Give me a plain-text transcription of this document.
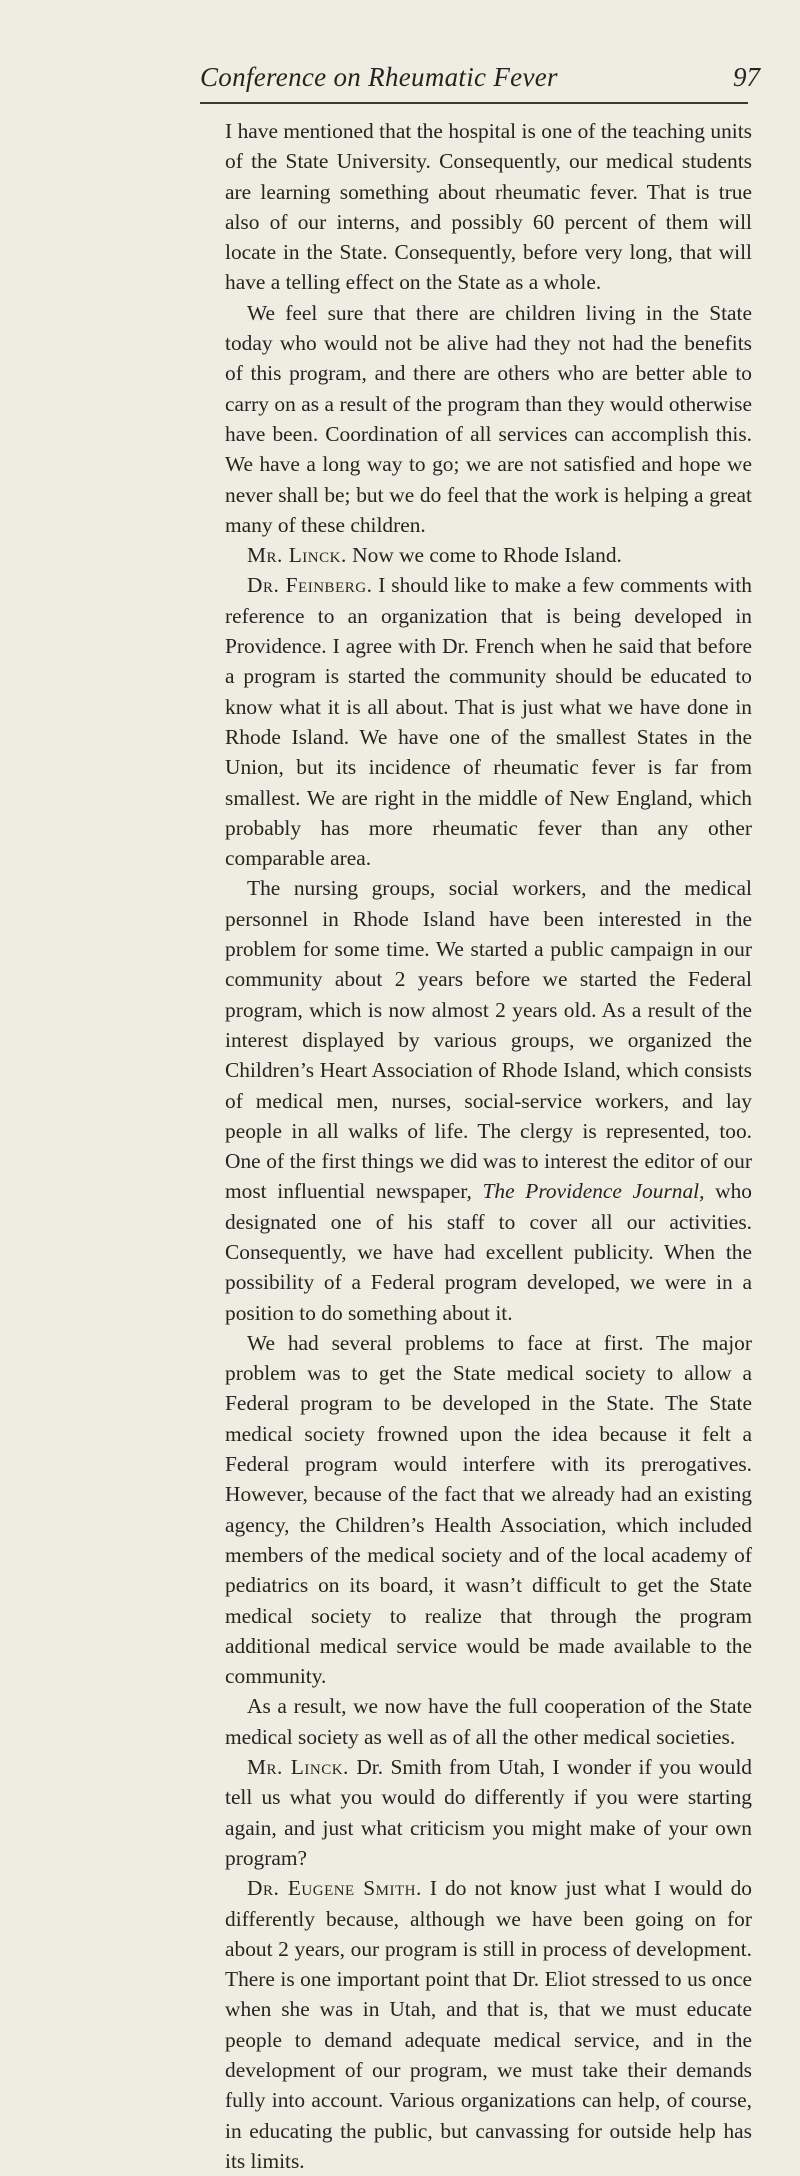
Conference on Rheumatic Fever	97

I have mentioned that the hospital is one of the teaching units of the State University. Consequently, our medical students are learning something about rheumatic fever. That is true also of our interns, and possibly 60 percent of them will locate in the State. Consequently, before very long, that will have a telling effect on the State as a whole.

We feel sure that there are children living in the State today who would not be alive had they not had the benefits of this program, and there are others who are better able to carry on as a result of the program than they would otherwise have been. Coordination of all services can accomplish this. We have a long way to go; we are not satisfied and hope we never shall be; but we do feel that the work is helping a great many of these children.

Mr. Linck. Now we come to Rhode Island.

Dr. Feinberg. I should like to make a few comments with reference to an organization that is being developed in Providence. I agree with Dr. French when he said that before a program is started the community should be educated to know what it is all about. That is just what we have done in Rhode Island. We have one of the smallest States in the Union, but its incidence of rheumatic fever is far from smallest. We are right in the middle of New England, which probably has more rheumatic fever than any other comparable area.

The nursing groups, social workers, and the medical personnel in Rhode Island have been interested in the problem for some time. We started a public campaign in our community about 2 years before we started the Federal program, which is now almost 2 years old. As a result of the interest displayed by various groups, we organized the Children’s Heart Association of Rhode Island, which consists of medical men, nurses, social-service workers, and lay people in all walks of life. The clergy is represented, too. One of the first things we did was to interest the editor of our most influential newspaper, The Providence Journal, who designated one of his staff to cover all our activities. Consequently, we have had excellent publicity. When the possibility of a Federal program developed, we were in a position to do something about it.

We had several problems to face at first. The major problem was to get the State medical society to allow a Federal program to be developed in the State. The State medical society frowned upon the idea because it felt a Federal program would interfere with its prerogatives. However, because of the fact that we already had an existing agency, the Children’s Health Association, which included members of the medical society and of the local academy of pediatrics on its board, it wasn’t difficult to get the State medical society to realize that through the program additional medical service would be made available to the community.

As a result, we now have the full cooperation of the State medical society as well as of all the other medical societies.

Mr. Linck. Dr. Smith from Utah, I wonder if you would tell us what you would do differently if you were starting again, and just what criticism you might make of your own program?

Dr. Eugene Smith. I do not know just what I would do differently because, although we have been going on for about 2 years, our program is still in process of development. There is one important point that Dr. Eliot stressed to us once when she was in Utah, and that is, that we must educate people to demand adequate medical service, and in the development of our program, we must take their demands fully into account. Various organizations can help, of course, in educating the public, but canvassing for outside help has its limits.
